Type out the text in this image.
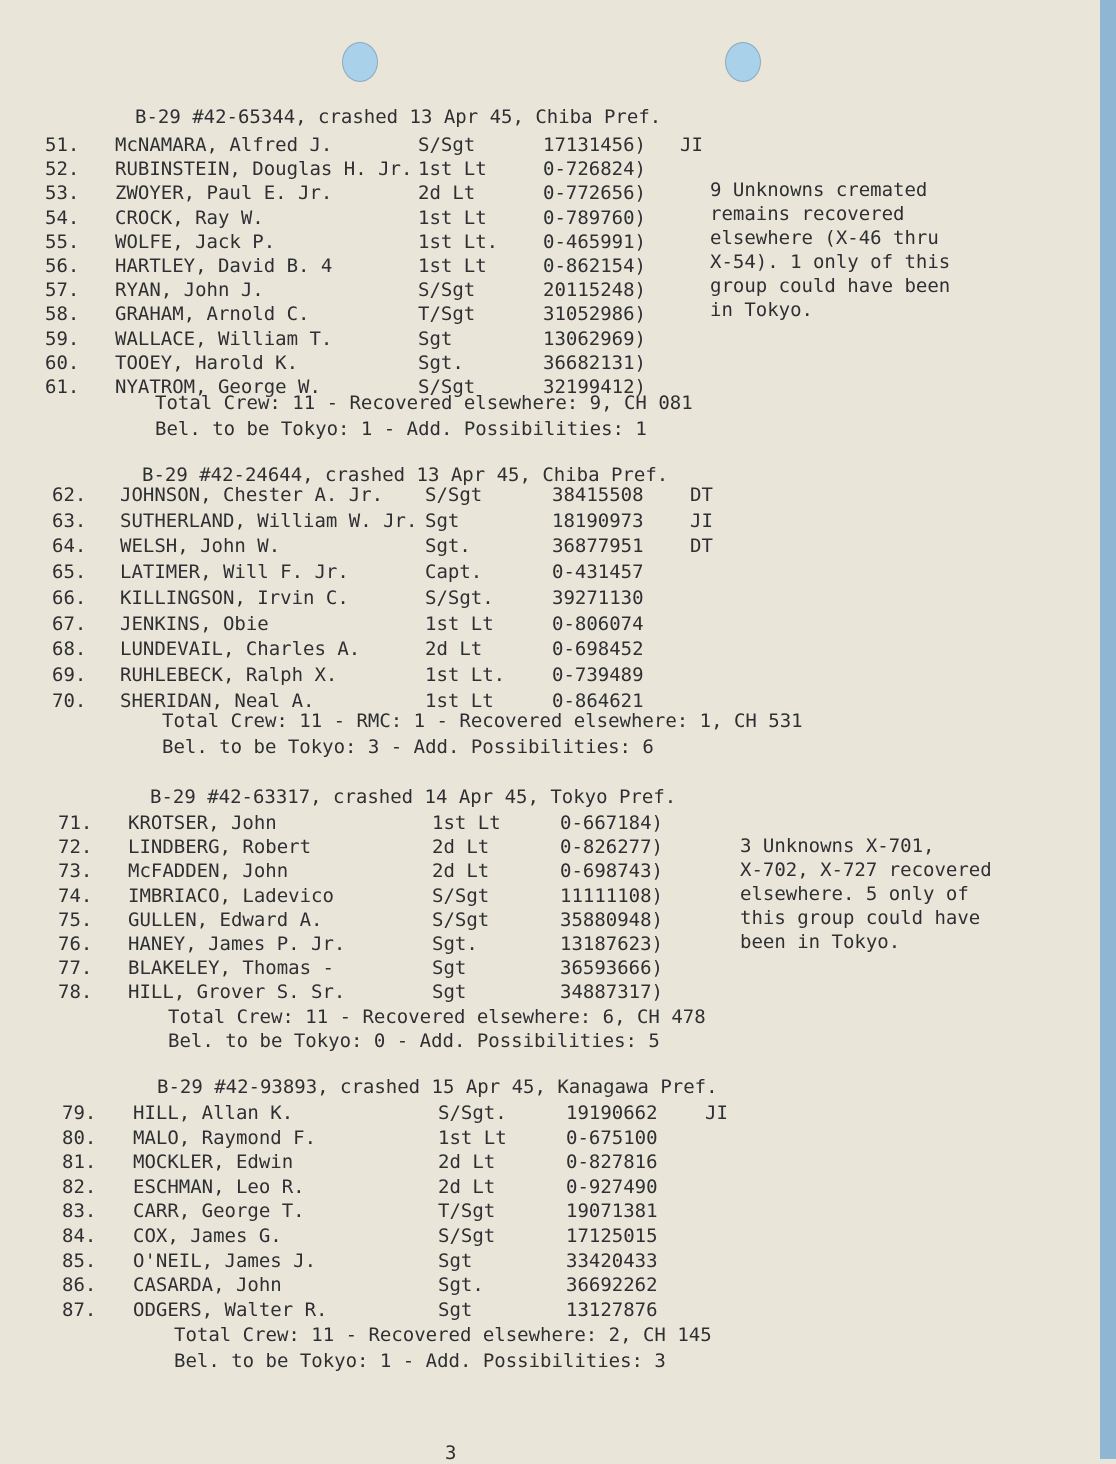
B-29 #42-65344, crashed 13 Apr 45, Chiba Pref.
51. McNAMARA, Alfred J.	S/Sgt	17131456) JI
52. RUBINSTEIN, Douglas H. Jr. 1st Lt	0-726824)
53. ZWOYER, Paul E. Jr.	2d Lt	0-772656)
54. CROCK, Ray W.	1st Lt	0-789760)
55. WOLFE, Jack P.	1st Lt. 0-465991)
56. HARTLEY, David B. 4	1st Lt	0-862154)
57. RYAN, John J.	S/Sgt	20115248)
58. GRAHAM, Arnold C.	T/Sgt	31052986)
59. WALLACE, William T.	Sgt	13062969)
60. TOOEY, Harold K.	Sgt.	36682131)
61. NYATROM, George W.	S/Sgt	32199412)
9 Unknowns cremated
remains recovered
elsewhere (X-46 thru
X-54). 1 only of this
group could have been
in Tokyo.
Total Crew: 11 - Recovered elsewhere: 9, CH 081
Bel. to be Tokyo: 1 - Add. Possibilities: 1
B-29 #42-24644, crashed 13 Apr 45, Chiba Pref.
62. JOHNSON, Chester A. Jr. S/Sgt	38415508 DT
63. SUTHERLAND, William W. Jr. Sgt	18190973 JI
64. WELSH, John W.	Sgt.	36877951 DT
65. LATIMER, Will F. Jr.	Capt.	0-431457
66. KILLINGSON, Irvin C.	S/Sgt.	39271130
67. JENKINS, Obie	1st Lt	0-806074
68. LUNDEVAIL, Charles A.	2d Lt	0-698452
69. RUHLEBECK, Ralph X.	1st Lt. 0-739489
70. SHERIDAN, Neal A.	1st Lt	0-864621
Total Crew: 11 - RMC: 1 - Recovered elsewhere: 1, CH 531
Bel. to be Tokyo: 3 - Add. Possibilities: 6
B-29 #42-63317, crashed 14 Apr 45, Tokyo Pref.
71. KROTSER, John	1st Lt	0-667184)
72. LINDBERG, Robert	2d Lt	0-826277)
73. McFADDEN, John	2d Lt	0-698743)
74. IMBRIACO, Ladevico	S/Sgt	11111108)
75. GULLEN, Edward A.	S/Sgt	35880948)
76. HANEY, James P. Jr.	Sgt.	13187623)
77. BLAKELEY, Thomas -	Sgt	36593666)
78. HILL, Grover S. Sr.	Sgt	34887317)
3 Unknowns X-701,
X-702, X-727 recovered
elsewhere. 5 only of
this group could have
been in Tokyo.
Total Crew: 11 - Recovered elsewhere: 6, CH 478
Bel. to be Tokyo: 0 - Add. Possibilities: 5
B-29 #42-93893, crashed 15 Apr 45, Kanagawa Pref.
79. HILL, Allan K.	S/Sgt.	19190662 JI
80. MALO, Raymond F.	1st Lt	0-675100
81. MOCKLER, Edwin	2d Lt	0-827816
82. ESCHMAN, Leo R.	2d Lt	0-927490
83. CARR, George T.	T/Sgt	19071381
84. COX, James G.	S/Sgt	17125015
85. O'NEIL, James J.	Sgt	33420433
86. CASARDA, John	Sgt.	36692262
87. ODGERS, Walter R.	Sgt	13127876
Total Crew: 11 - Recovered elsewhere: 2, CH 145
Bel. to be Tokyo: 1 - Add. Possibilities: 3
3
